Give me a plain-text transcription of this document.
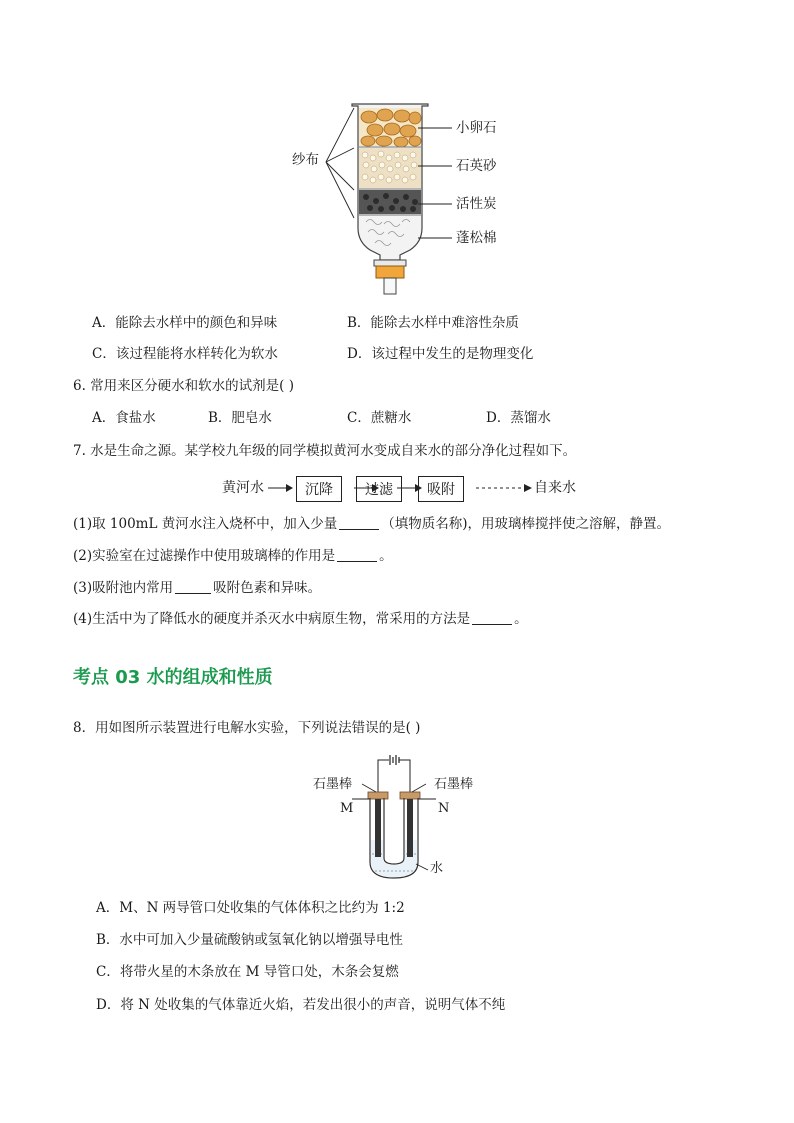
纱布
小卵石
石英砂
活性炭
蓬松棉
A．能除去水样中的颜色和异味	B．能除去水样中难溶性杂质
C．该过程能将水样转化为软水	D．该过程中发生的是物理变化
6. 常用来区分硬水和软水的试剂是( )
A．食盐水	B．肥皂水	C．蔗糖水	D．蒸馏水
7. 水是生命之源。某学校九年级的同学模拟黄河水变成自来水的部分净化过程如下。
黄河水	沉降	过滤	吸附	自来水
(1)取 100mL 黄河水注入烧杯中，加入少量	（填物质名称)，用玻璃棒搅拌使之溶解，静置。
(2)实验室在过滤操作中使用玻璃棒的作用是	。
(3)吸附池内常用	吸附色素和异味。
(4)生活中为了降低水的硬度并杀灭水中病原生物，常采用的方法是	。
考点 03 水的组成和性质
8．用如图所示装置进行电解水实验，下列说法错误的是( )
石墨棒	石墨棒
M	N
水
A．M、N 两导管口处收集的气体体积之比约为 1:2
B．水中可加入少量硫酸钠或氢氧化钠以增强导电性
C．将带火星的木条放在 M 导管口处，木条会复燃
D．将 N 处收集的气体靠近火焰，若发出很小的声音，说明气体不纯
